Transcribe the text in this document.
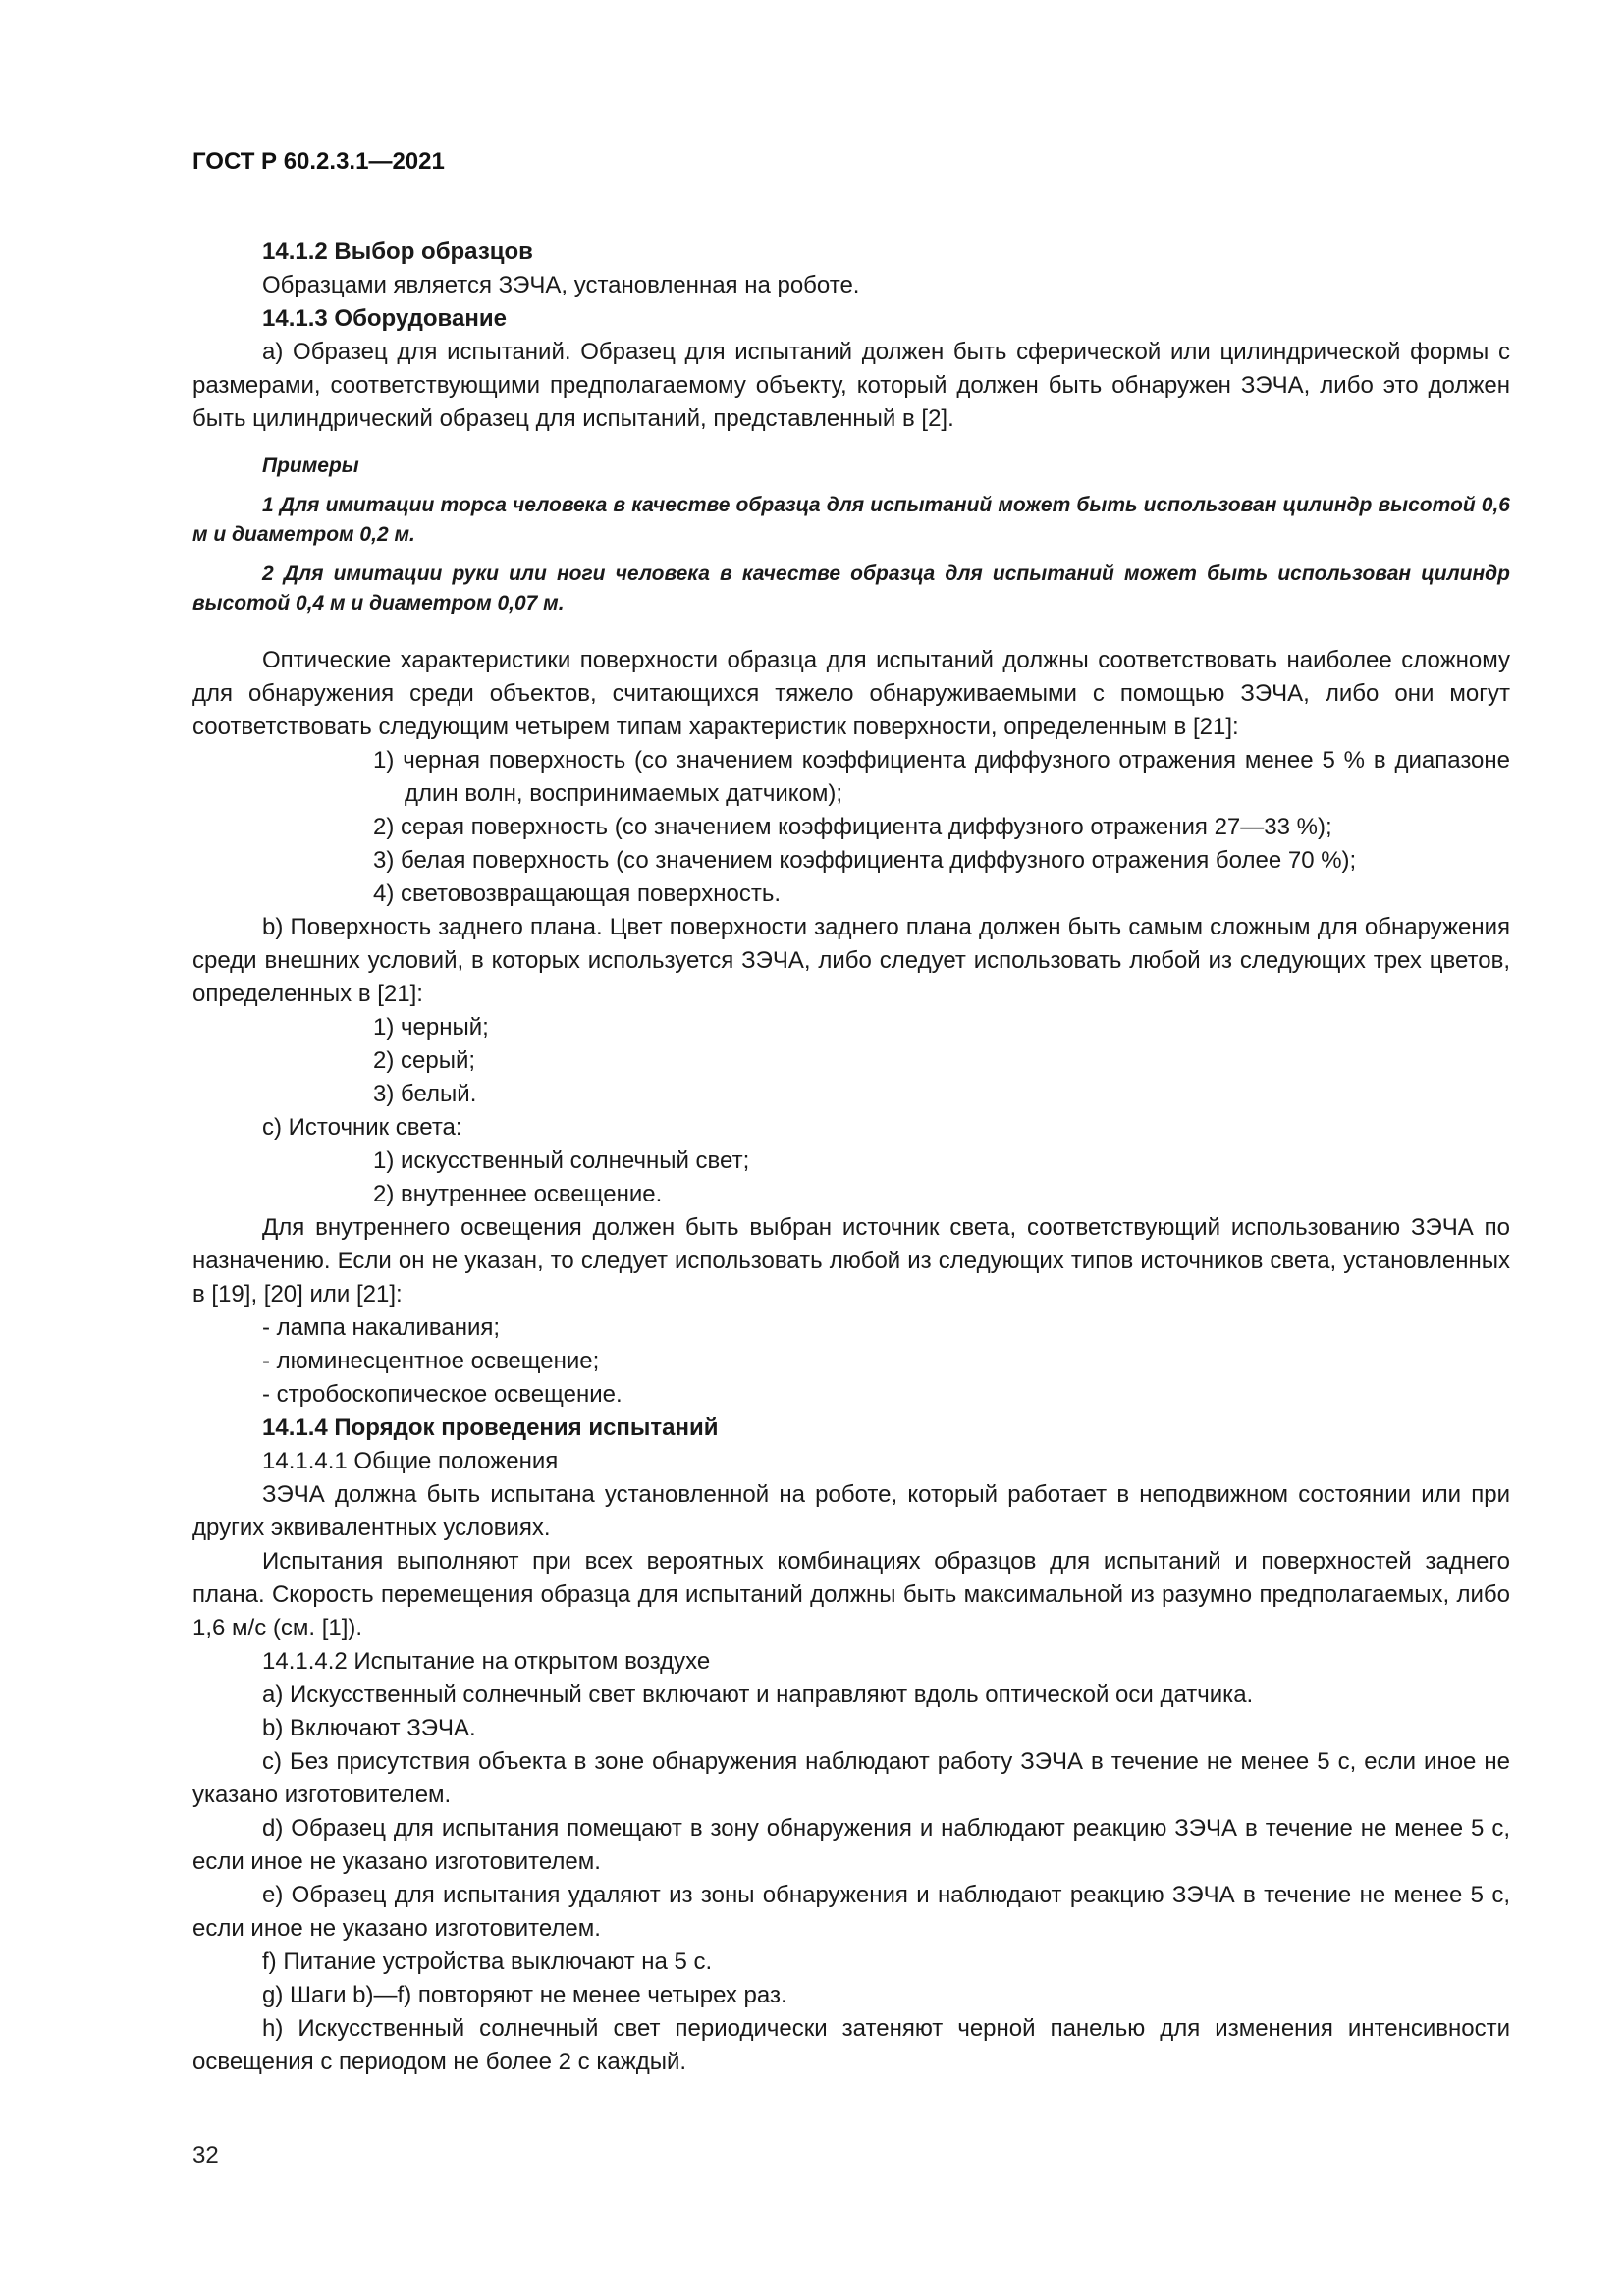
ГОСТ Р 60.2.3.1—2021

14.1.2 Выбор образцов

Образцами является ЗЭЧА, установленная на роботе.

14.1.3 Оборудование

а) Образец для испытаний. Образец для испытаний должен быть сферической или цилиндрической формы с размерами, соответствующими предполагаемому объекту, который должен быть обнаружен ЗЭЧА, либо это должен быть цилиндрический образец для испытаний, представленный в [2].

Примеры

1 Для имитации торса человека в качестве образца для испытаний может быть использован цилиндр высотой 0,6 м и диаметром 0,2 м.

2 Для имитации руки или ноги человека в качестве образца для испытаний может быть использован цилиндр высотой 0,4 м и диаметром 0,07 м.

Оптические характеристики поверхности образца для испытаний должны соответствовать наиболее сложному для обнаружения среди объектов, считающихся тяжело обнаруживаемыми с помощью ЗЭЧА, либо они могут соответствовать следующим четырем типам характеристик поверхности, определенным в [21]:

1) черная поверхность (со значением коэффициента диффузного отражения менее 5 % в диапазоне длин волн, воспринимаемых датчиком);

2) серая поверхность (со значением коэффициента диффузного отражения 27—33 %);

3) белая поверхность (со значением коэффициента диффузного отражения более 70 %);

4) световозвращающая поверхность.

b) Поверхность заднего плана. Цвет поверхности заднего плана должен быть самым сложным для обнаружения среди внешних условий, в которых используется ЗЭЧА, либо следует использовать любой из следующих трех цветов, определенных в [21]:

1) черный;

2) серый;

3) белый.

с) Источник света:

1) искусственный солнечный свет;

2) внутреннее освещение.

Для внутреннего освещения должен быть выбран источник света, соответствующий использованию ЗЭЧА по назначению. Если он не указан, то следует использовать любой из следующих типов источников света, установленных в [19], [20] или [21]:

- лампа накаливания;

- люминесцентное освещение;

- стробоскопическое освещение.

14.1.4 Порядок проведения испытаний

14.1.4.1 Общие положения

ЗЭЧА должна быть испытана установленной на роботе, который работает в неподвижном состоянии или при других эквивалентных условиях.

Испытания выполняют при всех вероятных комбинациях образцов для испытаний и поверхностей заднего плана. Скорость перемещения образца для испытаний должны быть максимальной из разумно предполагаемых, либо 1,6 м/с (см. [1]).

14.1.4.2 Испытание на открытом воздухе

а) Искусственный солнечный свет включают и направляют вдоль оптической оси датчика.

b) Включают ЗЭЧА.

с) Без присутствия объекта в зоне обнаружения наблюдают работу ЗЭЧА в течение не менее 5 с, если иное не указано изготовителем.

d) Образец для испытания помещают в зону обнаружения и наблюдают реакцию ЗЭЧА в течение не менее 5 с, если иное не указано изготовителем.

е) Образец для испытания удаляют из зоны обнаружения и наблюдают реакцию ЗЭЧА в течение не менее 5 с, если иное не указано изготовителем.

f) Питание устройства выключают на 5 с.

g) Шаги b)—f) повторяют не менее четырех раз.

h) Искусственный солнечный свет периодически затеняют черной панелью для изменения интенсивности освещения с периодом не более 2 с каждый.

32
